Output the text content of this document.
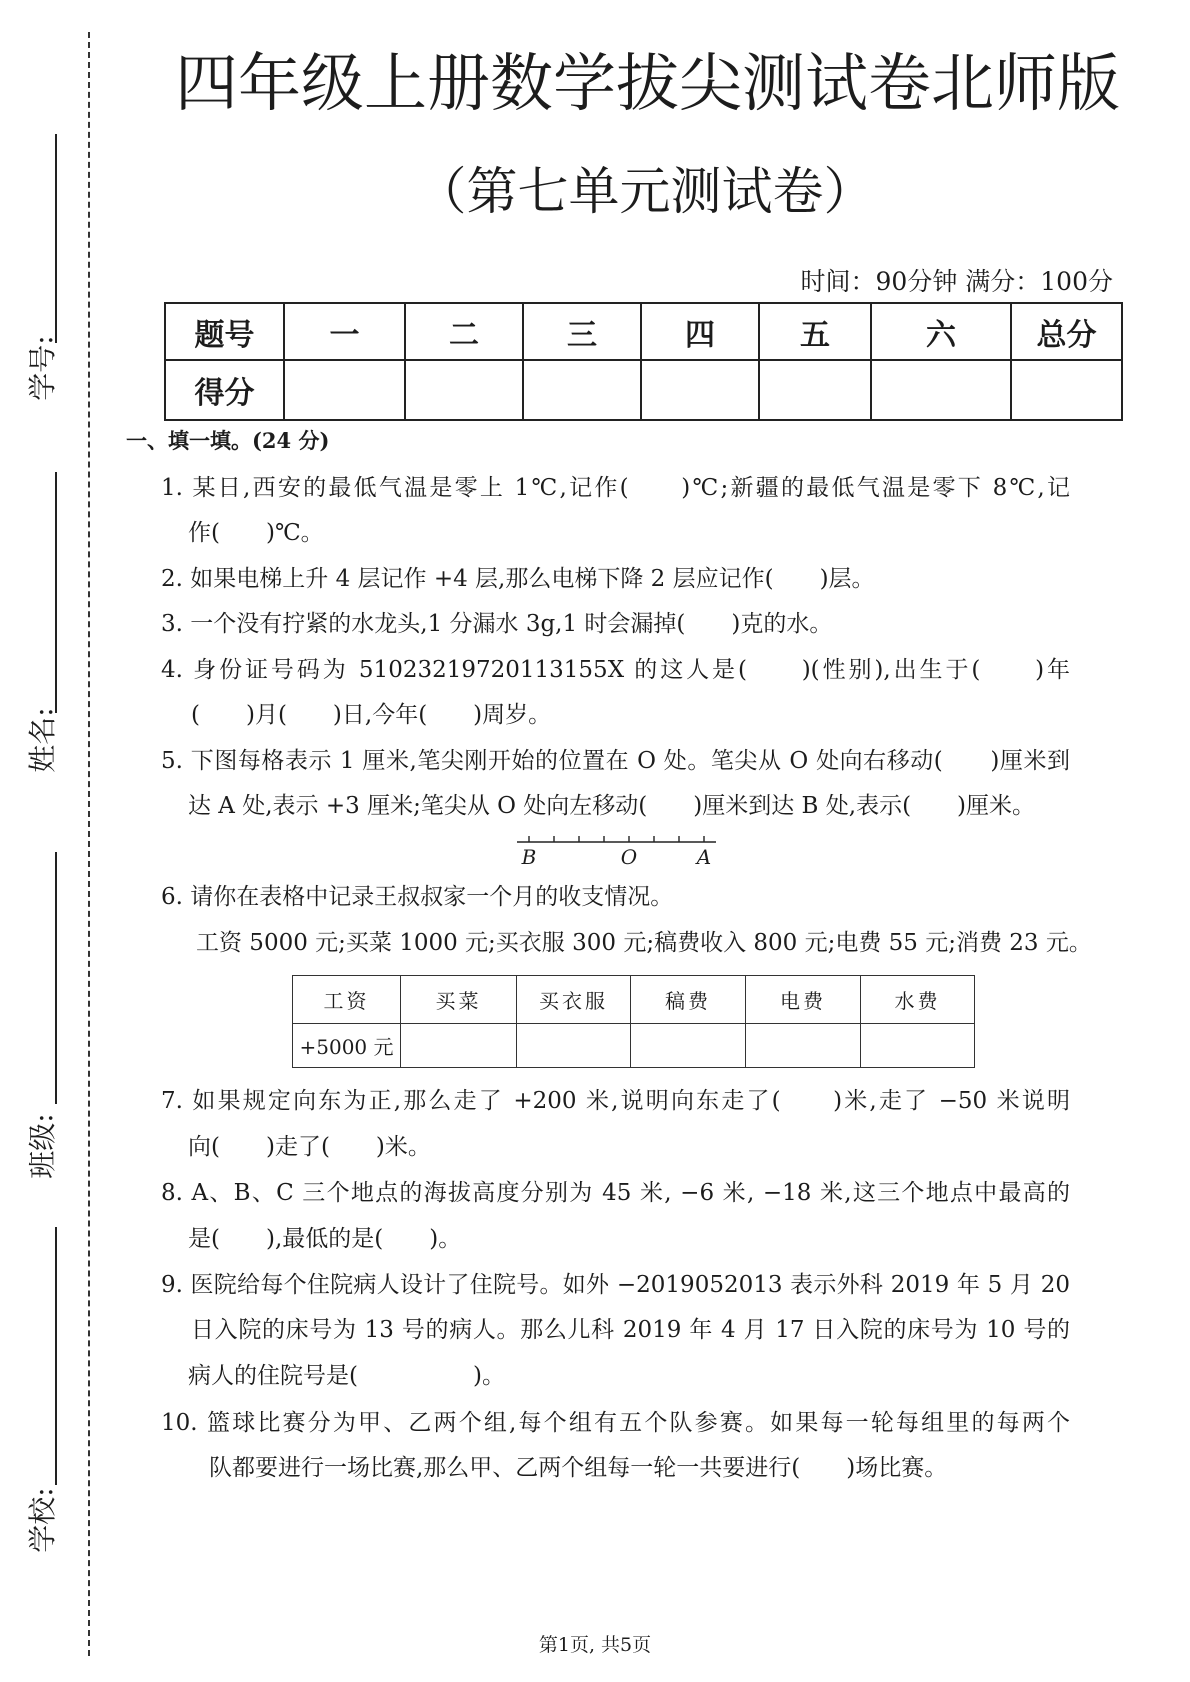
学号:
姓名:
班级:
学校:
四年级上册数学拔尖测试卷北师版
（第七单元测试卷）
时间：90分钟 满分：100分
题号	一	二	三	四	五	六	总分
得分							
一、填一填。(24 分)
1. 某日,西安的最低气温是零上 1℃,记作(　　)℃;新疆的最低气温是零下 8℃,记
作(　　)℃。
2. 如果电梯上升 4 层记作 +4 层,那么电梯下降 2 层应记作(　　)层。
3. 一个没有拧紧的水龙头,1 分漏水 3g,1 时会漏掉(　　)克的水。
4. 身份证号码为 51023219720113155X 的这人是(　　)(性别),出生于(　　)年
(　　)月(　　)日,今年(　　)周岁。
5. 下图每格表示 1 厘米,笔尖刚开始的位置在 O 处。笔尖从 O 处向右移动(　　)厘米到
达 A 处,表示 +3 厘米;笔尖从 O 处向左移动(　　)厘米到达 B 处,表示(　　)厘米。
B	O	A
6. 请你在表格中记录王叔叔家一个月的收支情况。
工资 5000 元;买菜 1000 元;买衣服 300 元;稿费收入 800 元;电费 55 元;消费 23 元。
工资	买菜	买衣服	稿费	电费	水费
+5000 元					
7. 如果规定向东为正,那么走了 +200 米,说明向东走了(　　)米,走了 −50 米说明
向(　　)走了(　　)米。
8. A、B、C 三个地点的海拔高度分别为 45 米, −6 米, −18 米,这三个地点中最高的
是(　　),最低的是(　　)。
9. 医院给每个住院病人设计了住院号。如外 −2019052013 表示外科 2019 年 5 月 20
日入院的床号为 13 号的病人。那么儿科 2019 年 4 月 17 日入院的床号为 10 号的
病人的住院号是(　　　　　)。
10. 篮球比赛分为甲、乙两个组,每个组有五个队参赛。如果每一轮每组里的每两个
队都要进行一场比赛,那么甲、乙两个组每一轮一共要进行(　　)场比赛。
第1页, 共5页
